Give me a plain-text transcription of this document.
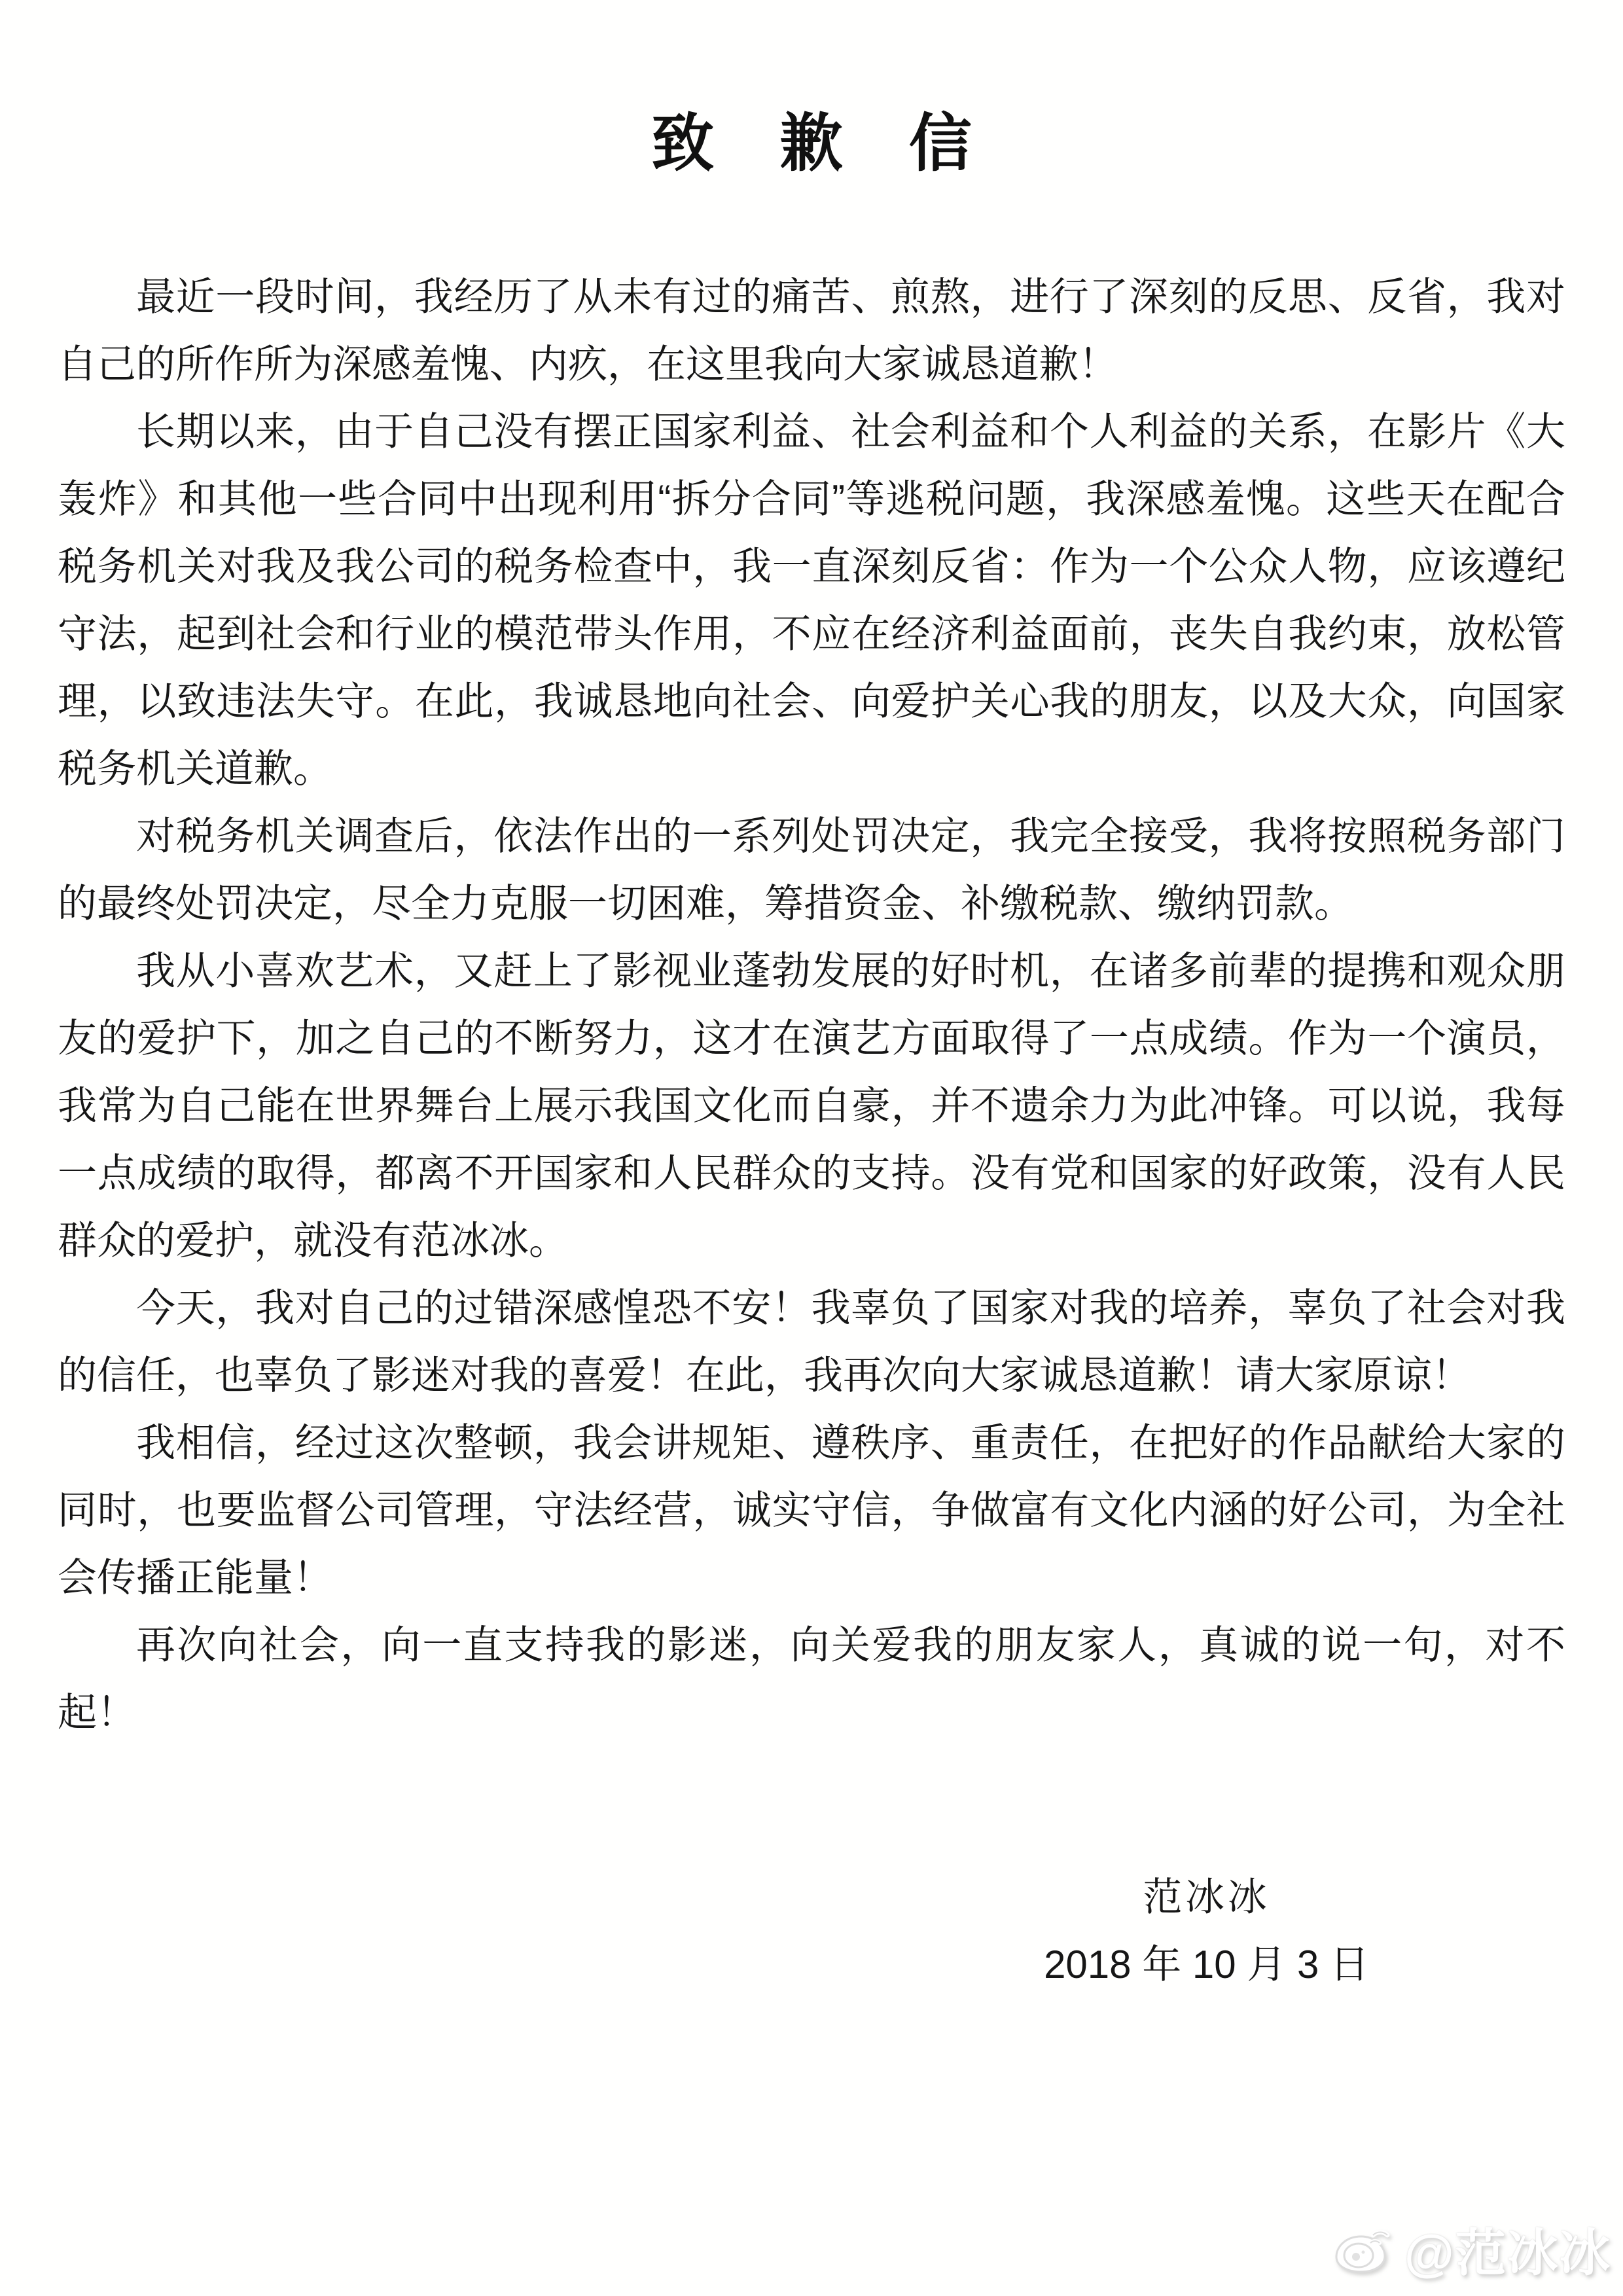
致歉信

最近一段时间，我经历了从未有过的痛苦、煎熬，进行了深刻的反思、反省，我对自己的所作所为深感羞愧、内疚，在这里我向大家诚恳道歉！

长期以来，由于自己没有摆正国家利益、社会利益和个人利益的关系，在影片《大轰炸》和其他一些合同中出现利用“拆分合同”等逃税问题，我深感羞愧。这些天在配合税务机关对我及我公司的税务检查中，我一直深刻反省：作为一个公众人物，应该遵纪守法，起到社会和行业的模范带头作用，不应在经济利益面前，丧失自我约束，放松管理，以致违法失守。在此，我诚恳地向社会、向爱护关心我的朋友，以及大众，向国家税务机关道歉。

对税务机关调查后，依法作出的一系列处罚决定，我完全接受，我将按照税务部门的最终处罚决定，尽全力克服一切困难，筹措资金、补缴税款、缴纳罚款。

我从小喜欢艺术，又赶上了影视业蓬勃发展的好时机，在诸多前辈的提携和观众朋友的爱护下，加之自己的不断努力，这才在演艺方面取得了一点成绩。作为一个演员，我常为自己能在世界舞台上展示我国文化而自豪，并不遗余力为此冲锋。可以说，我每一点成绩的取得，都离不开国家和人民群众的支持。没有党和国家的好政策，没有人民群众的爱护，就没有范冰冰。

今天，我对自己的过错深感惶恐不安！我辜负了国家对我的培养，辜负了社会对我的信任，也辜负了影迷对我的喜爱！在此，我再次向大家诚恳道歉！请大家原谅！

我相信，经过这次整顿，我会讲规矩、遵秩序、重责任，在把好的作品献给大家的同时，也要监督公司管理，守法经营，诚实守信，争做富有文化内涵的好公司，为全社会传播正能量！

再次向社会，向一直支持我的影迷，向关爱我的朋友家人，真诚的说一句，对不起！

范冰冰
2018 年 10 月 3 日
@范冰冰
